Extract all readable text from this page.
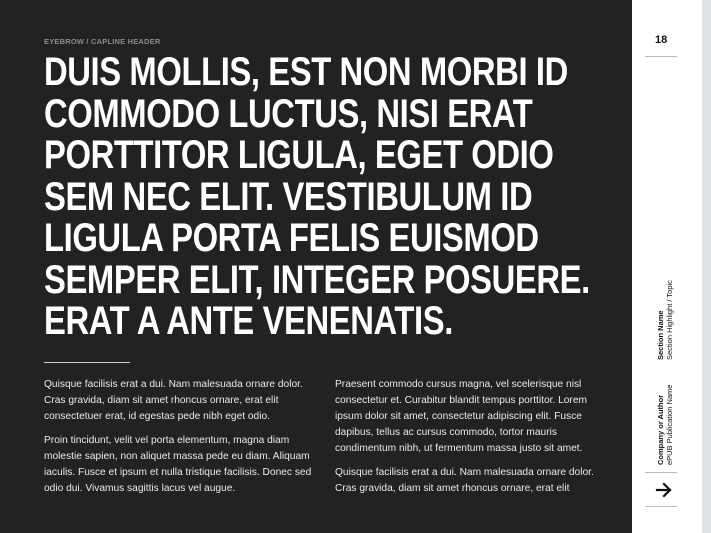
EYEBROW / CAPLINE HEADER
DUIS MOLLIS, EST NON MORBI ID
COMMODO LUCTUS, NISI ERAT
PORTTITOR LIGULA, EGET ODIO
SEM NEC ELIT. VESTIBULUM ID
LIGULA PORTA FELIS EUISMOD
SEMPER ELIT, INTEGER POSUERE.
ERAT A ANTE VENENATIS.

Quisque facilisis erat a dui. Nam malesuada ornare dolor. Cras gravida, diam sit amet rhoncus ornare, erat elit consectetuer erat, id egestas pede nibh eget odio.

Proin tincidunt, velit vel porta elementum, magna diam molestie sapien, non aliquet massa pede eu diam. Aliquam iaculis. Fusce et ipsum et nulla tristique facilisis. Donec sed odio dui. Vivamus sagittis lacus vel augue.

Praesent commodo cursus magna, vel scelerisque nisl consectetur et. Curabitur blandit tempus porttitor. Lorem ipsum dolor sit amet, consectetur adipiscing elit. Fusce dapibus, tellus ac cursus commodo, tortor mauris condimentum nibh, ut fermentum massa justo sit amet.

Quisque facilisis erat a dui. Nam malesuada ornare dolor. Cras gravida, diam sit amet rhoncus ornare, erat elit

18
Section Name Section Highlight / Topic
Company or Author ePUB Publication Name
